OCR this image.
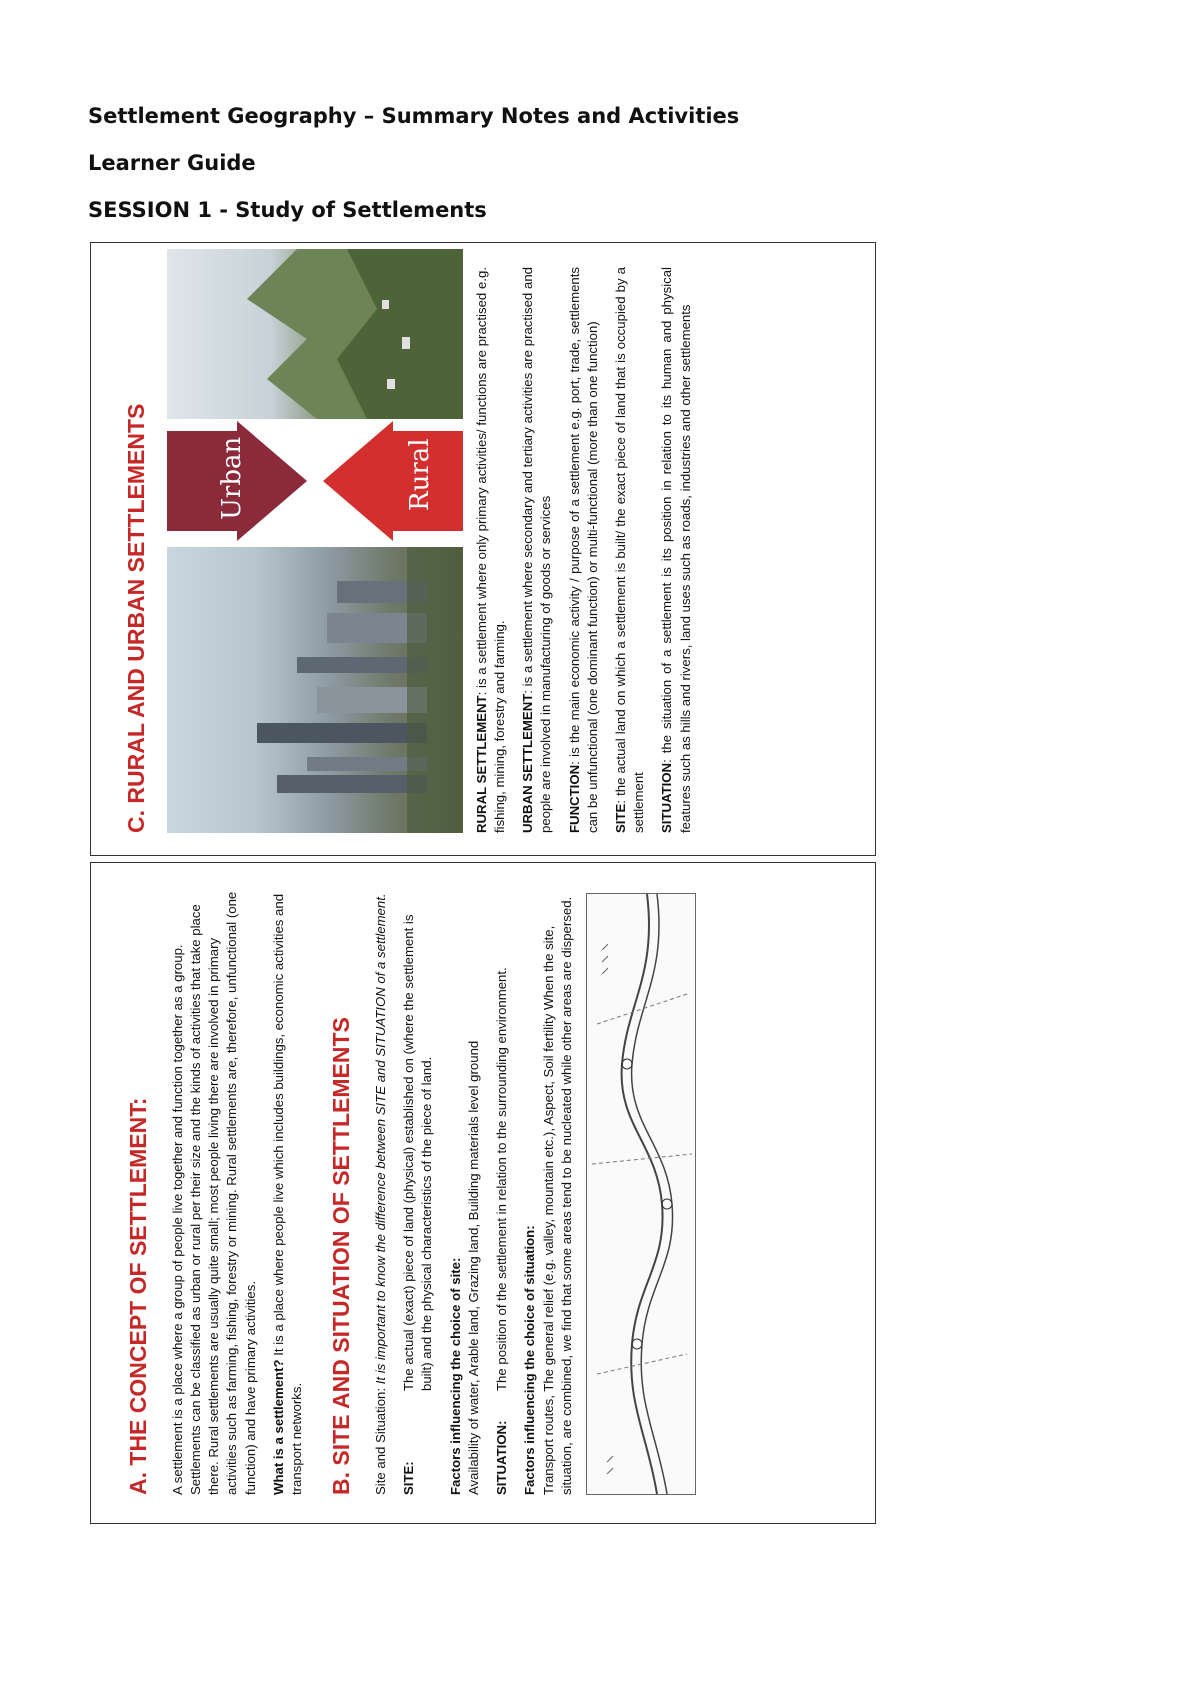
Settlement Geography – Summary Notes and Activities
Learner Guide
SESSION 1 - Study of Settlements
A. THE CONCEPT OF SETTLEMENT: A settlement is a place where a group of people live together and function together as a group. Settlements can be classified as urban or rural per their size and the kinds of activities that take place there. Rural settlements are usually quite small; most people living there are involved in primary activities such as farming, fishing, forestry or mining. Rural settlements are, therefore, unfunctional (one function) and have primary activities. What is a settlement? It is a place where people live which includes buildings, economic activities and transport networks. B. SITE AND SITUATION OF SETTLEMENTS Site and Situation: It is important to know the difference between SITE and SITUATION of a settlement.

SITE:The actual (exact) piece of land (physical) established on (where the settlement is built) and the physical characteristics of the piece of land. Factors influencing the choice of site: Availability of water, Arable land, Grazing land, Building materials level ground SITUATION:The position of the settlement in relation to the surrounding environment. Factors influencing the choice of situation: Transport routes, The general relief (e.g. valley, mountain etc.), Aspect, Soil fertility When the site, situation, are combined, we find that some areas tend to be nucleated while other areas are dispersed.
C. RURAL AND URBAN SETTLEMENTS	Urban	Rural

RURAL SETTLEMENT: is a settlement where only primary activities/ functions are practised e.g. fishing, mining, forestry and farming. URBAN SETTLEMENT: is a settlement where secondary and tertiary activities are practised and people are involved in manufacturing of goods or services FUNCTION: is the main economic activity / purpose of a settlement e.g. port, trade, settlements can be unfunctional (one dominant function) or multi-functional (more than one function) SITE: the actual land on which a settlement is built/ the exact piece of land that is occupied by a settlement SITUATION: the situation of a settlement is its position in relation to its human and physical features such as hills and rivers, land uses such as roads, industries and other settlements
